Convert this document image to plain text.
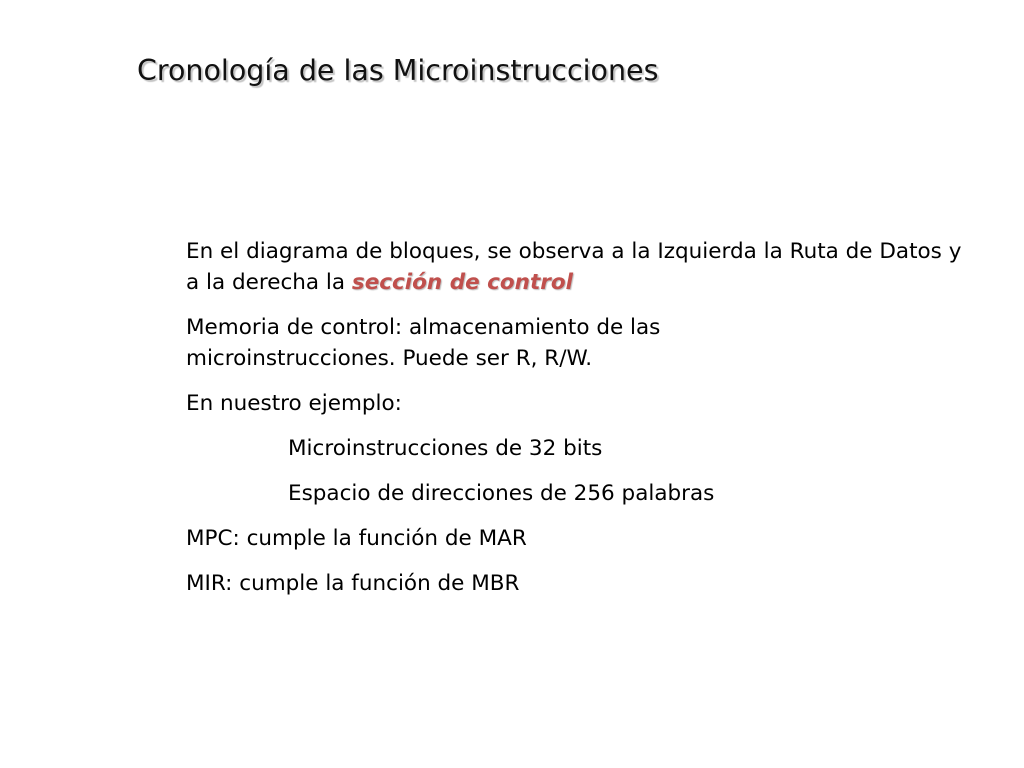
Cronología de las Microinstrucciones

En el diagrama de bloques, se observa a la Izquierda la Ruta de Datos y a la derecha la sección de control

Memoria de control: almacenamiento de las microinstrucciones. Puede ser R, R/W.

En nuestro ejemplo:

Microinstrucciones de 32 bits

Espacio de direcciones de 256 palabras

MPC: cumple la función de MAR

MIR: cumple la función de MBR
